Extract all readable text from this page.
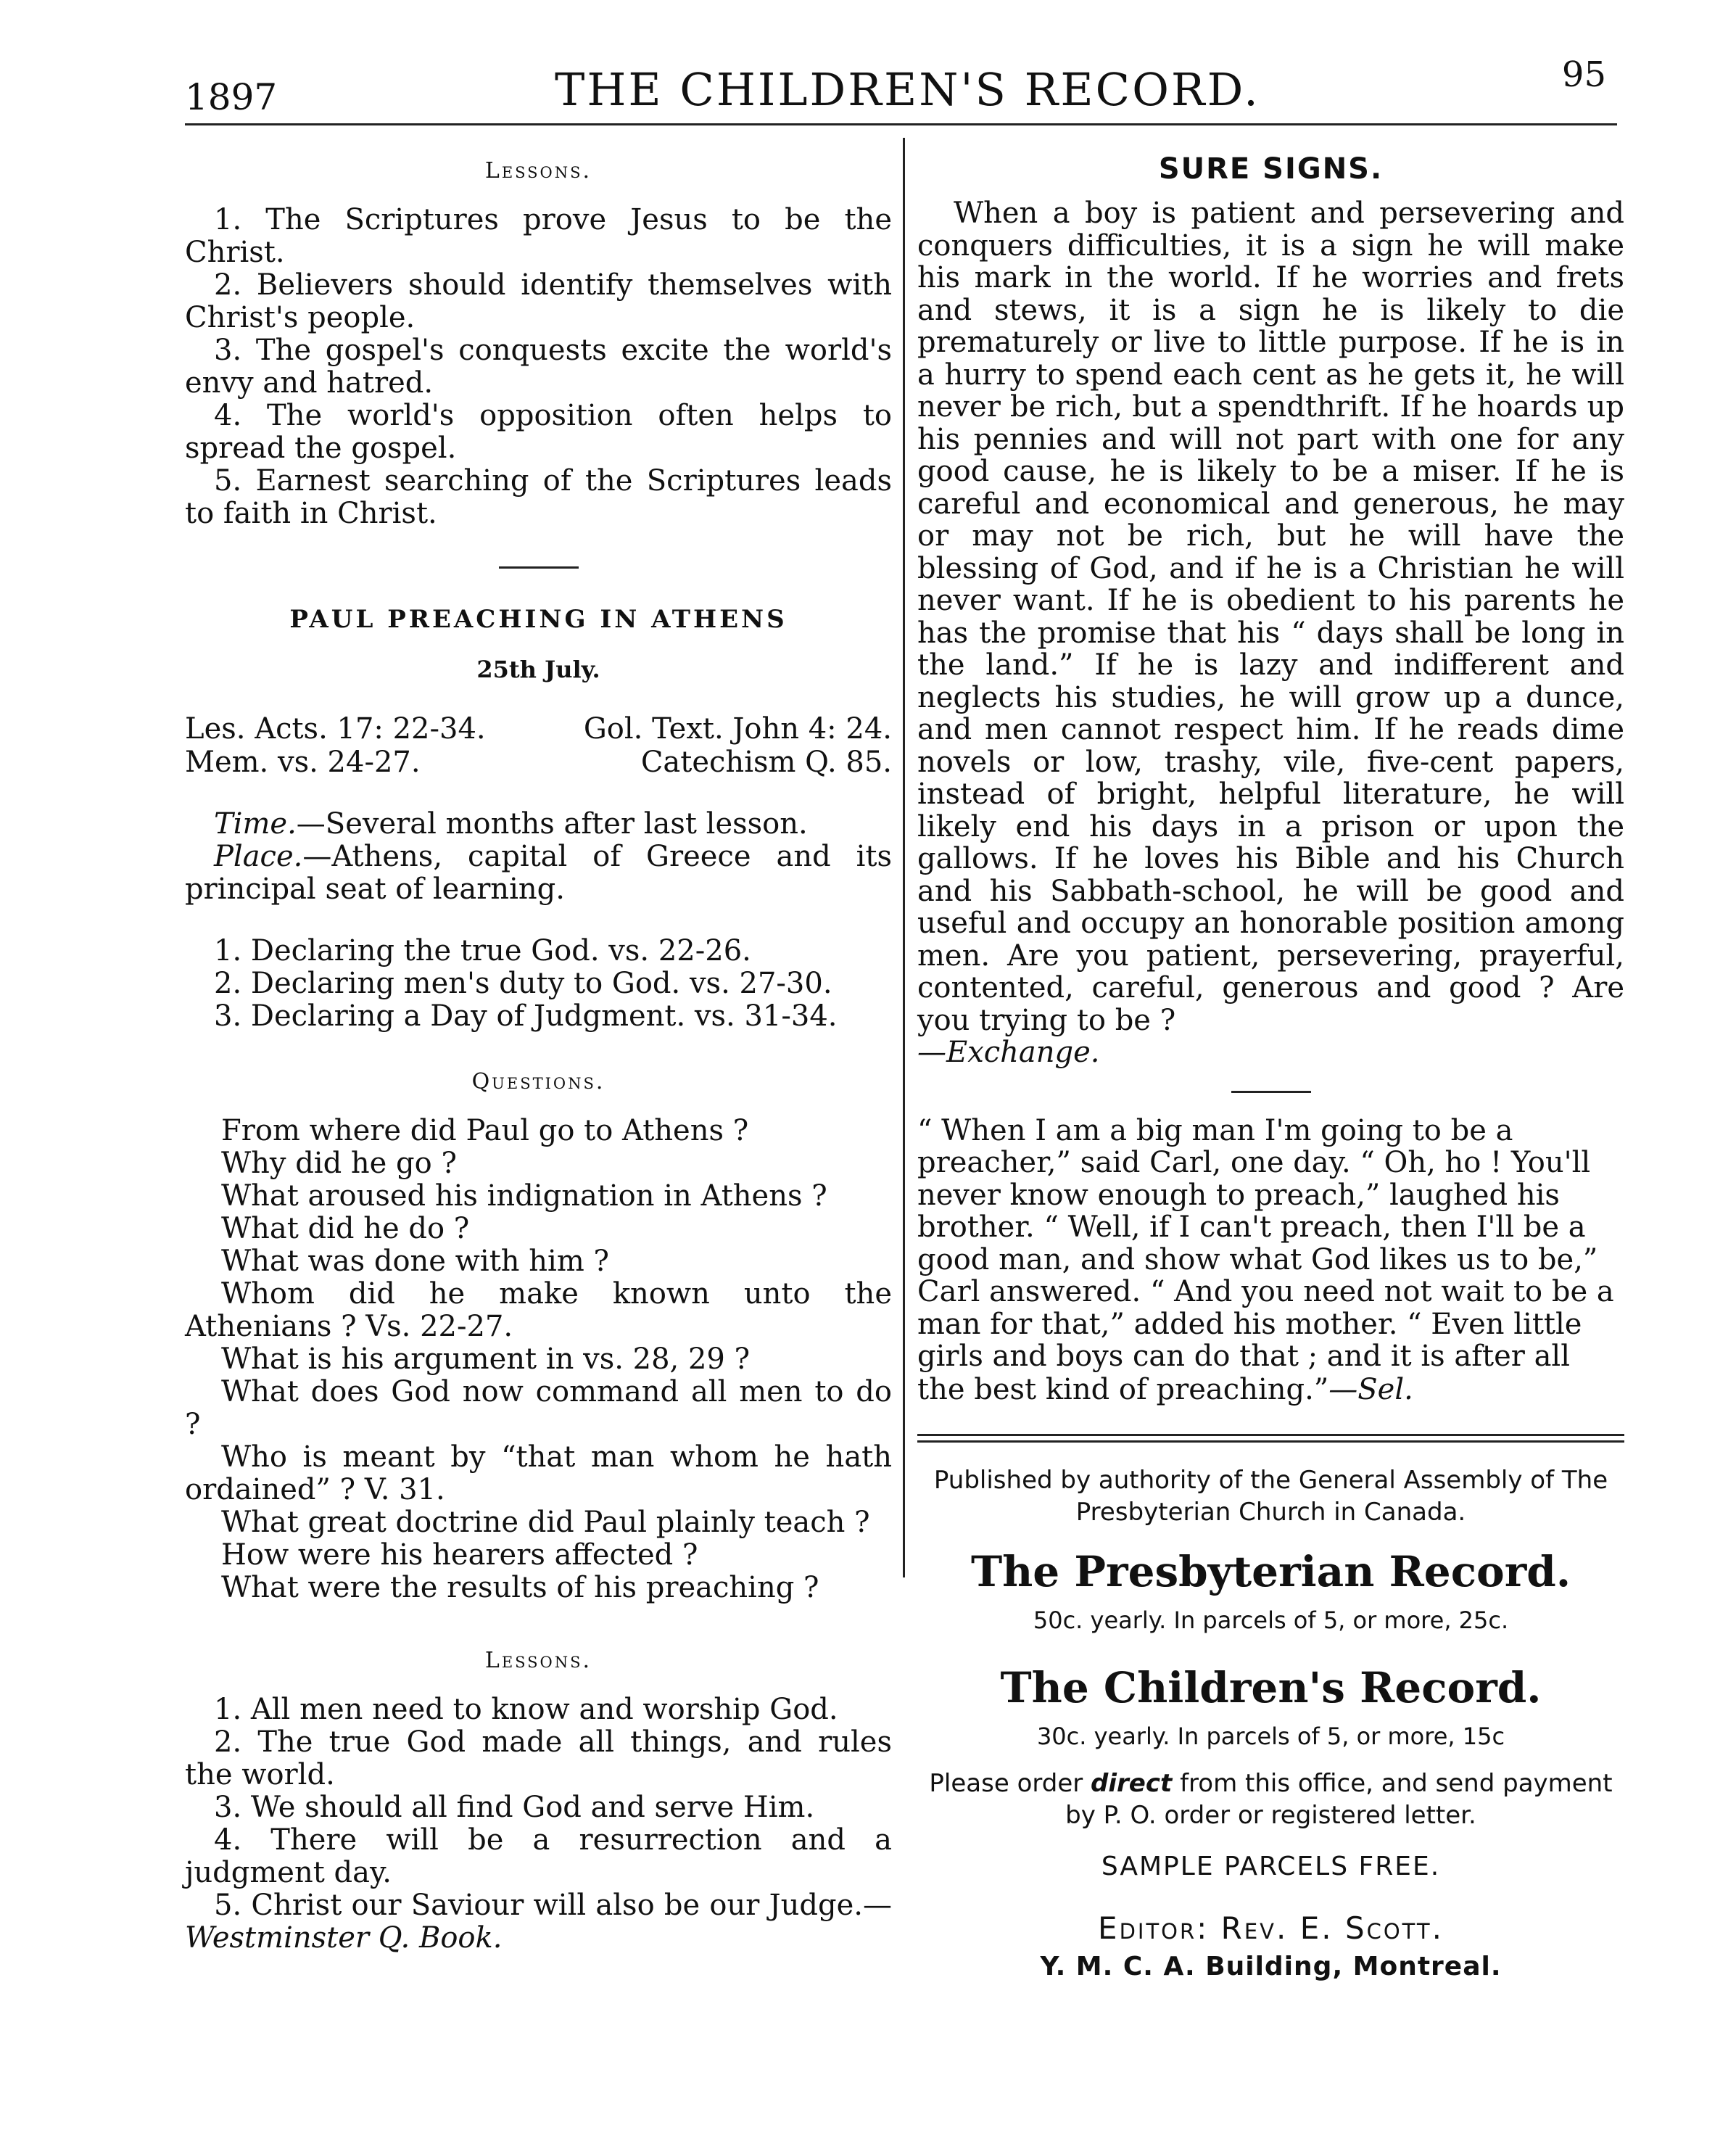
1897	THE CHILDREN'S RECORD.	95
Lessons.

1. The Scriptures prove Jesus to be the Christ.

2. Believers should identify themselves with Christ's people.

3. The gospel's conquests excite the world's envy and hatred.

4. The world's opposition often helps to spread the gospel.

5. Earnest searching of the Scriptures leads to faith in Christ.

PAUL PREACHING IN ATHENS
25th July.
Les. Acts. 17: 22-34.	Gol. Text. John 4: 24.
Mem. vs. 24-27.	Catechism Q. 85.

Time.—Several months after last lesson.

Place.—Athens, capital of Greece and its principal seat of learning.

1. Declaring the true God. vs. 22-26.

2. Declaring men's duty to God. vs. 27-30.

3. Declaring a Day of Judgment. vs. 31-34.

Questions.

From where did Paul go to Athens ?

Why did he go ?

What aroused his indignation in Athens ?

What did he do ?

What was done with him ?

Whom did he make known unto the Athenians ? Vs. 22-27.

What is his argument in vs. 28, 29 ?

What does God now command all men to do ?

Who is meant by “that man whom he hath ordained” ? V. 31.

What great doctrine did Paul plainly teach ?

How were his hearers affected ?

What were the results of his preaching ?

Lessons.

1. All men need to know and worship God.

2. The true God made all things, and rules the world.

3. We should all find God and serve Him.

4. There will be a resurrection and a judgment day.

5. Christ our Saviour will also be our Judge.—Westminster Q. Book.

SURE SIGNS.

When a boy is patient and persevering and conquers difficulties, it is a sign he will make his mark in the world. If he worries and frets and stews, it is a sign he is likely to die prematurely or live to little purpose. If he is in a hurry to spend each cent as he gets it, he will never be rich, but a spendthrift. If he hoards up his pennies and will not part with one for any good cause, he is likely to be a miser. If he is careful and economical and generous, he may or may not be rich, but he will have the blessing of God, and if he is a Christian he will never want. If he is obedient to his parents he has the promise that his “ days shall be long in the land.” If he is lazy and indifferent and neglects his studies, he will grow up a dunce, and men cannot respect him. If he reads dime novels or low, trashy, vile, five-cent papers, instead of bright, helpful literature, he will likely end his days in a prison or upon the gallows. If he loves his Bible and his Church and his Sabbath-school, he will be good and useful and occupy an honorable position among men. Are you patient, persevering, prayerful, contented, careful, generous and good ? Are you trying to be ?

—Exchange.

“ When I am a big man I'm going to be a preacher,” said Carl, one day. “ Oh, ho ! You'll never know enough to preach,” laughed his brother. “ Well, if I can't preach, then I'll be a good man, and show what God likes us to be,” Carl answered. “ And you need not wait to be a man for that,” added his mother. “ Even little girls and boys can do that ; and it is after all the best kind of preaching.”

—Sel.
Published by authority of the General Assembly of The Presbyterian Church in Canada.
The Presbyterian Record.
50c. yearly. In parcels of 5, or more, 25c.
The Children's Record.
30c. yearly. In parcels of 5, or more, 15c
Please order direct from this office, and send payment by P. O. order or registered letter.
SAMPLE PARCELS FREE.
Editor: Rev. E. Scott.
Y. M. C. A. Building, Montreal.
